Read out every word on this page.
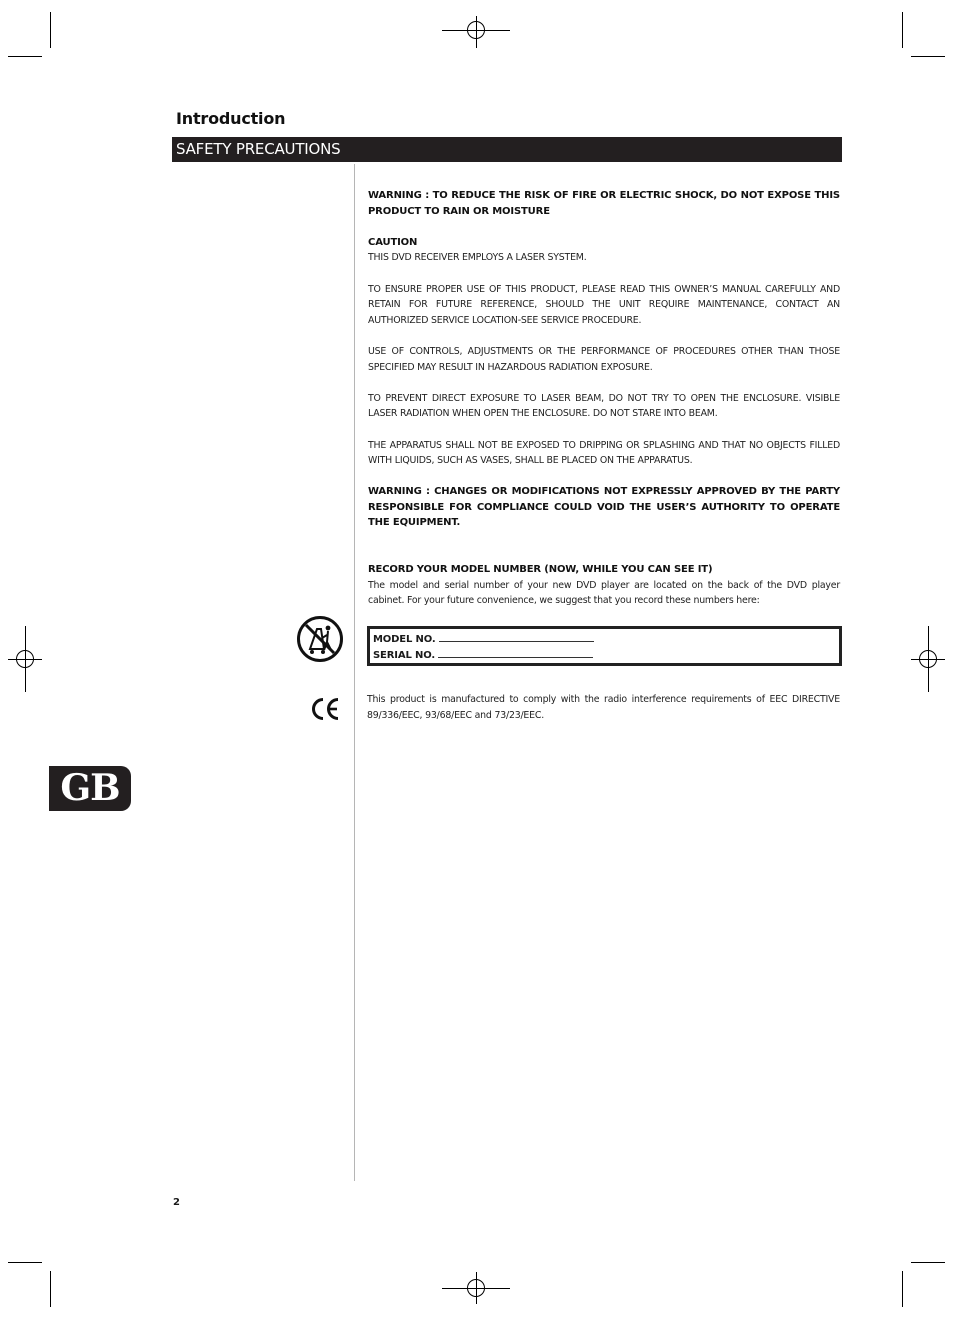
Introduction
SAFETY PRECAUTIONS

WARNING : TO REDUCE THE RISK OF FIRE OR ELECTRIC SHOCK, DO NOT EXPOSE THIS PRODUCT TO RAIN OR MOISTURE

CAUTION

THIS DVD RECEIVER EMPLOYS A LASER SYSTEM.

TO ENSURE PROPER USE OF THIS PRODUCT, PLEASE READ THIS OWNER’S MANUAL CAREFULLY AND RETAIN FOR FUTURE REFERENCE, SHOULD THE UNIT REQUIRE MAINTENANCE, CONTACT AN AUTHORIZED SERVICE LOCATION-SEE SERVICE PROCEDURE.

USE OF CONTROLS, ADJUSTMENTS OR THE PERFORMANCE OF PROCEDURES OTHER THAN THOSE SPECIFIED MAY RESULT IN HAZARDOUS RADIATION EXPOSURE.

TO PREVENT DIRECT EXPOSURE TO LASER BEAM, DO NOT TRY TO OPEN THE ENCLOSURE. VISIBLE LASER RADIATION WHEN OPEN THE ENCLOSURE. DO NOT STARE INTO BEAM.

THE APPARATUS SHALL NOT BE EXPOSED TO DRIPPING OR SPLASHING AND THAT NO OBJECTS FILLED WITH LIQUIDS, SUCH AS VASES, SHALL BE PLACED ON THE APPARATUS.

WARNING : CHANGES OR MODIFICATIONS NOT EXPRESSLY APPROVED BY THE PARTY RESPONSIBLE FOR COMPLIANCE COULD VOID THE USER’S AUTHORITY TO OPERATE THE EQUIPMENT.

RECORD YOUR MODEL NUMBER (NOW, WHILE YOU CAN SEE IT)

The model and serial number of your new DVD player are located on the back of the DVD player cabinet. For your future convenience, we suggest that you record these numbers here:

MODEL NO.
SERIAL NO.
This product is manufactured to comply with the radio interference requirements of EEC DIRECTIVE 89/336/EEC, 93/68/EEC and 73/23/EEC.
GB
2
